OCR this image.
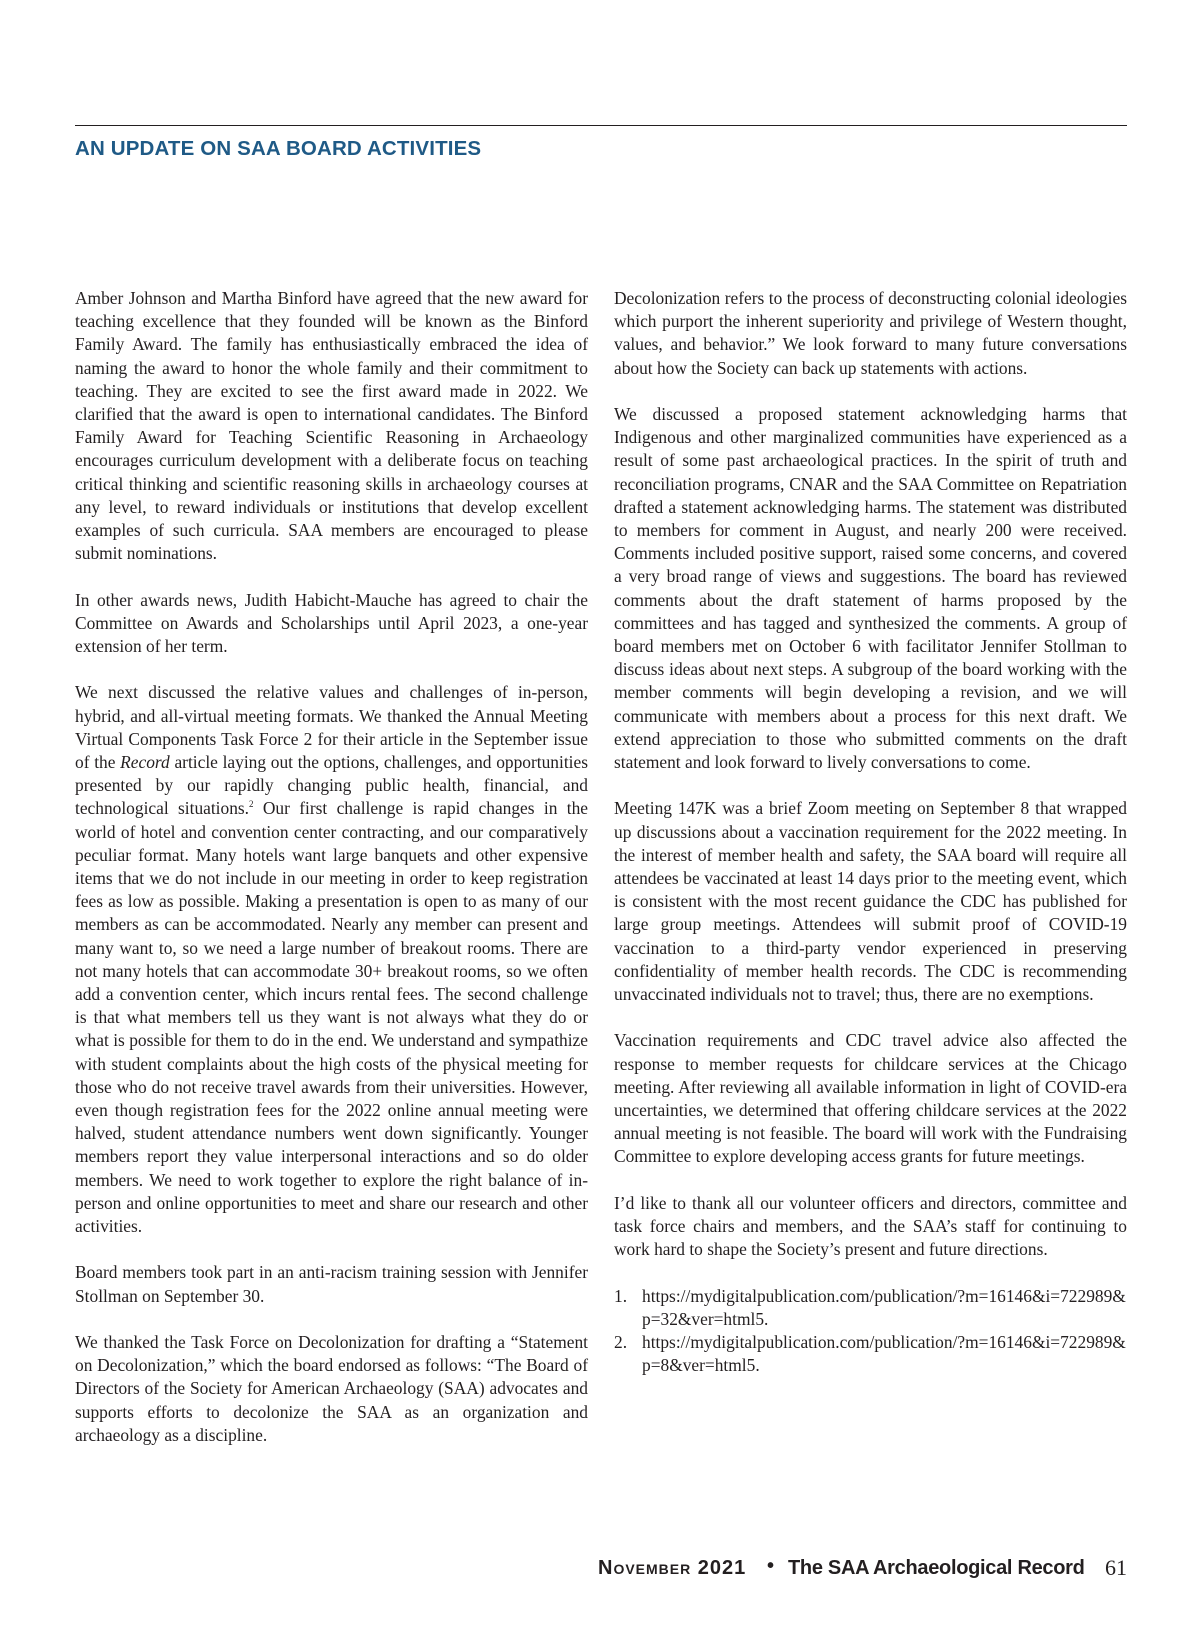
AN UPDATE ON SAA BOARD ACTIVITIES

Amber Johnson and Martha Binford have agreed that the new award for teaching excellence that they founded will be known as the Binford Family Award. The family has enthusiastically embraced the idea of naming the award to honor the whole family and their commitment to teaching. They are excited to see the first award made in 2022. We clarified that the award is open to international candidates. The Binford Family Award for Teaching Scientific Reasoning in Archaeology encourages curriculum development with a deliberate focus on teaching critical thinking and scientific reasoning skills in archaeology courses at any level, to reward individuals or institutions that develop excellent examples of such curricula. SAA members are encouraged to please submit nominations.

In other awards news, Judith Habicht-Mauche has agreed to chair the Committee on Awards and Scholarships until April 2023, a one-year extension of her term.

We next discussed the relative values and challenges of in-person, hybrid, and all-virtual meeting formats. We thanked the Annual Meeting Virtual Components Task Force 2 for their article in the September issue of the Record article laying out the options, challenges, and opportunities presented by our rapidly changing public health, financial, and technological situations.$^2$ Our first challenge is rapid changes in the world of hotel and convention center contracting, and our comparatively peculiar format. Many hotels want large banquets and other expensive items that we do not include in our meeting in order to keep registration fees as low as possible. Making a presentation is open to as many of our members as can be accommodated. Nearly any member can present and many want to, so we need a large number of breakout rooms. There are not many hotels that can accommodate 30+ breakout rooms, so we often add a convention center, which incurs rental fees. The second challenge is that what members tell us they want is not always what they do or what is possible for them to do in the end. We understand and sympathize with student complaints about the high costs of the physical meeting for those who do not receive travel awards from their universities. However, even though registration fees for the 2022 online annual meeting were halved, student attendance numbers went down significantly. Younger members report they value interpersonal interactions and so do older members. We need to work together to explore the right balance of in-person and online opportunities to meet and share our research and other activities.

Board members took part in an anti-racism training session with Jennifer Stollman on September 30.

We thanked the Task Force on Decolonization for drafting a “Statement on Decolonization,” which the board endorsed as follows: “The Board of Directors of the Society for American Archaeology (SAA) advocates and supports efforts to decolonize the SAA as an organization and archaeology as a discipline.

Decolonization refers to the process of deconstructing colonial ideologies which purport the inherent superiority and privilege of Western thought, values, and behavior.” We look forward to many future conversations about how the Society can back up statements with actions.

We discussed a proposed statement acknowledging harms that Indigenous and other marginalized communities have experienced as a result of some past archaeological practices. In the spirit of truth and reconciliation programs, CNAR and the SAA Committee on Repatriation drafted a statement acknowledging harms. The statement was distributed to members for comment in August, and nearly 200 were received. Comments included positive support, raised some concerns, and covered a very broad range of views and suggestions. The board has reviewed comments about the draft statement of harms proposed by the committees and has tagged and synthesized the comments. A group of board members met on October 6 with facilitator Jennifer Stollman to discuss ideas about next steps. A subgroup of the board working with the member comments will begin developing a revision, and we will communicate with members about a process for this next draft. We extend appreciation to those who submitted comments on the draft statement and look forward to lively conversations to come.

Meeting 147K was a brief Zoom meeting on September 8 that wrapped up discussions about a vaccination requirement for the 2022 meeting. In the interest of member health and safety, the SAA board will require all attendees be vaccinated at least 14 days prior to the meeting event, which is consistent with the most recent guidance the CDC has published for large group meetings. Attendees will submit proof of COVID-19 vaccination to a third-party vendor experienced in preserving confidentiality of member health records. The CDC is recommending unvaccinated individuals not to travel; thus, there are no exemptions.

Vaccination requirements and CDC travel advice also affected the response to member requests for childcare services at the Chicago meeting. After reviewing all available information in light of COVID-era uncertainties, we determined that offering childcare services at the 2022 annual meeting is not feasible. The board will work with the Fundraising Committee to explore developing access grants for future meetings.

I’d like to thank all our volunteer officers and directors, committee and task force chairs and members, and the SAA’s staff for continuing to work hard to shape the Society’s present and future directions.

1. https://mydigitalpublication.com/publication/?m=16146&i=722989&p=32&ver=html5.
2. https://mydigitalpublication.com/publication/?m=16146&i=722989&p=8&ver=html5.
November 2021 • The SAA Archaeological Record 61
